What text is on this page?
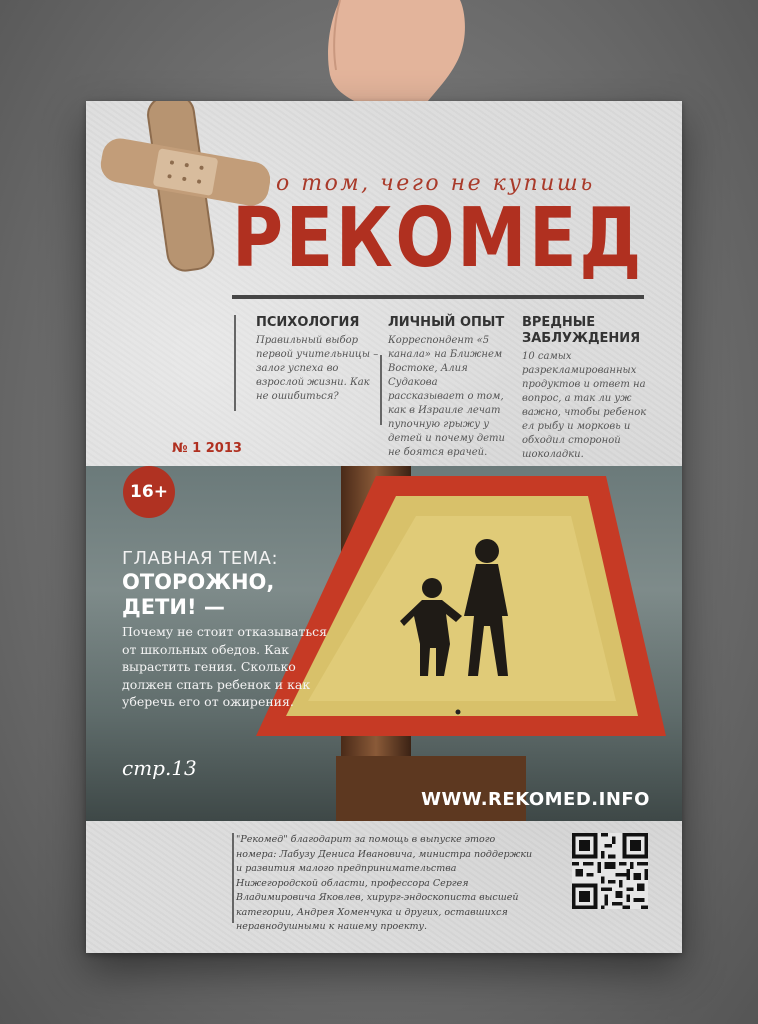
о том, чего не купишь
РЕКОМЕД
ПСИХОЛОГИЯ

Правильный выбор первой учительницы – залог успеха во взрослой жизни. Как не ошибиться?

ЛИЧНЫЙ ОПЫТ

Корреспондент «5 канала» на Ближнем Востоке, Алия Судакова рассказывает о том, как в Израиле лечат пупочную грыжу у детей и почему дети не боятся врачей.

ВРЕДНЫЕ ЗАБЛУЖДЕНИЯ

10 самых разрекламированных продуктов и ответ на вопрос, а так ли уж важно, чтобы ребенок ел рыбу и морковь и обходил стороной шоколадки.

№ 1 2013
16+
ГЛАВНАЯ ТЕМА:
ОТОРОЖНО, ДЕТИ! —
Почему не стоит отказываться от школьных обедов. Как вырастить гения. Сколько должен спать ребенок и как уберечь его от ожирения.
стр.13
WWW.REKOMED.INFO
"Рекомед" благодарит за помощь в выпуске этого номера: Лабузу Дениса Ивановича, министра поддержки и развития малого предпринимательства Нижегородской области, профессора Сергея Владимировича Яковлев, хирург-эндоскописта высшей категории, Андрея Хоменчука и других, оставшихся неравнодушными к нашему проекту.
